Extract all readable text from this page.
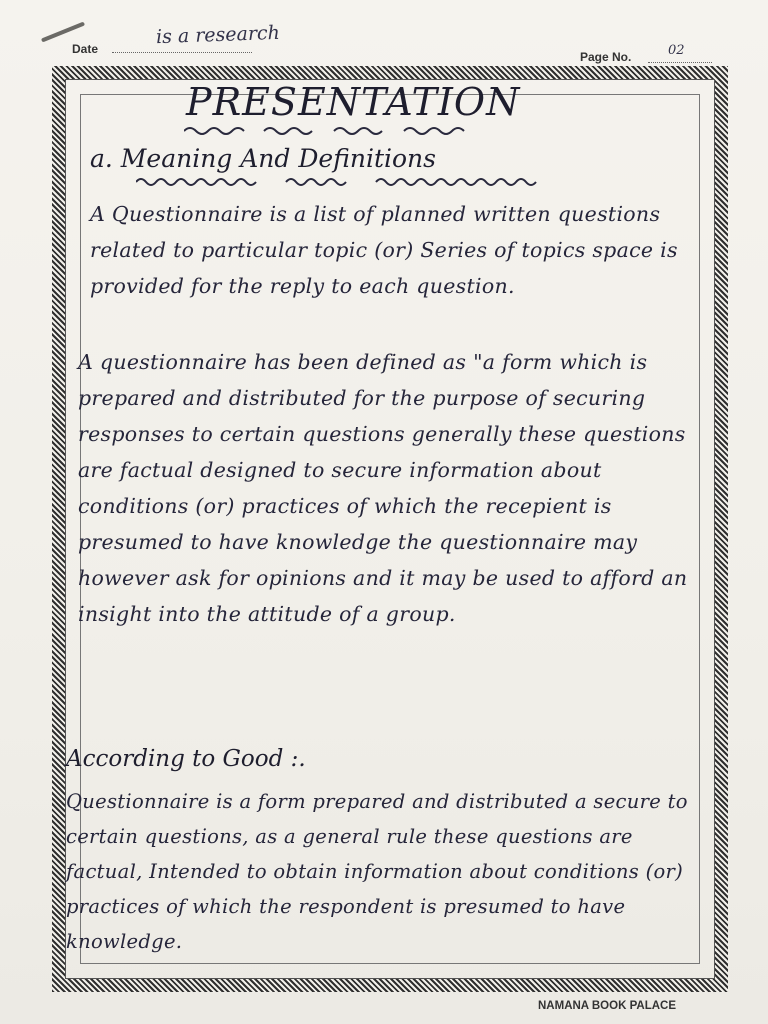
Date
is a research
Page No.	02
PRESENTATION
a. Meaning And Definitions
A Questionnaire is a list of planned written questions related to particular topic (or) Series of topics space is provided for the reply to each question.
A questionnaire has been defined as "a form which is prepared and distributed for the purpose of securing responses to certain questions generally these questions are factual designed to secure information about conditions (or) practices of which the recepient is presumed to have knowledge the questionnaire may however ask for opinions and it may be used to afford an insight into the attitude of a group.
According to Good :.
Questionnaire is a form prepared and distributed a secure to certain questions, as a general rule these questions are factual, Intended to obtain information about conditions (or) practices of which the respondent is presumed to have knowledge.
NAMANA BOOK PALACE
